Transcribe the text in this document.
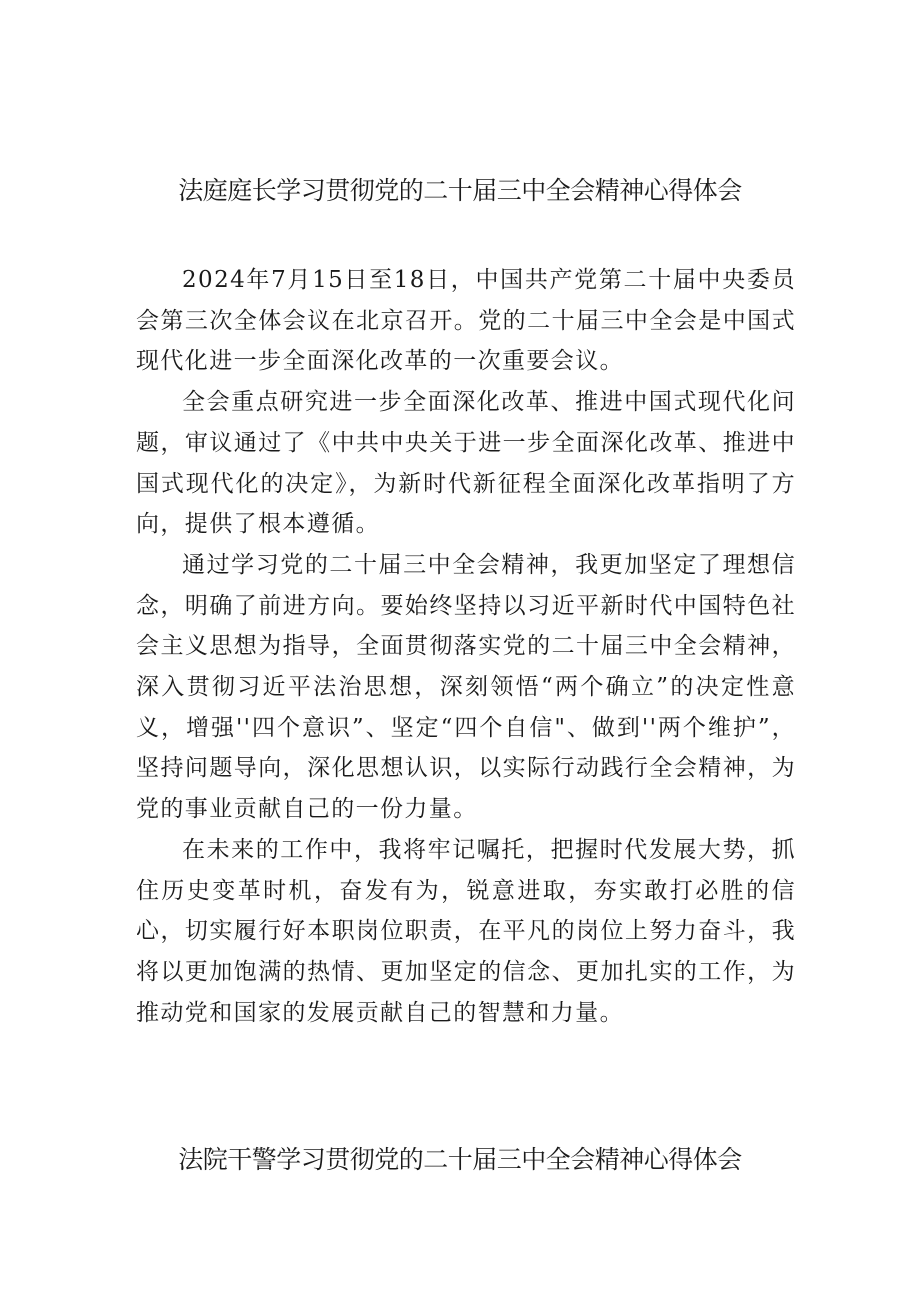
法庭庭长学习贯彻党的二十届三中全会精神心得体会

2024年7月15日至18日，中国共产党第二十届中央委员会第三次全体会议在北京召开。党的二十届三中全会是中国式现代化进一步全面深化改革的一次重要会议。

全会重点研究进一步全面深化改革、推进中国式现代化问题，审议通过了《中共中央关于进一步全面深化改革、推进中国式现代化的决定》，为新时代新征程全面深化改革指明了方向，提供了根本遵循。

通过学习党的二十届三中全会精神，我更加坚定了理想信念，明确了前进方向。要始终坚持以习近平新时代中国特色社会主义思想为指导，全面贯彻落实党的二十届三中全会精神，深入贯彻习近平法治思想，深刻领悟“两个确立”的决定性意义，增强''四个意识”、坚定“四个自信"、做到''两个维护”，坚持问题导向，深化思想认识，以实际行动践行全会精神，为党的事业贡献自己的一份力量。

在未来的工作中，我将牢记嘱托，把握时代发展大势，抓住历史变革时机，奋发有为，锐意进取，夯实敢打必胜的信心，切实履行好本职岗位职责，在平凡的岗位上努力奋斗，我将以更加饱满的热情、更加坚定的信念、更加扎实的工作，为推动党和国家的发展贡献自己的智慧和力量。

法院干警学习贯彻党的二十届三中全会精神心得体会
